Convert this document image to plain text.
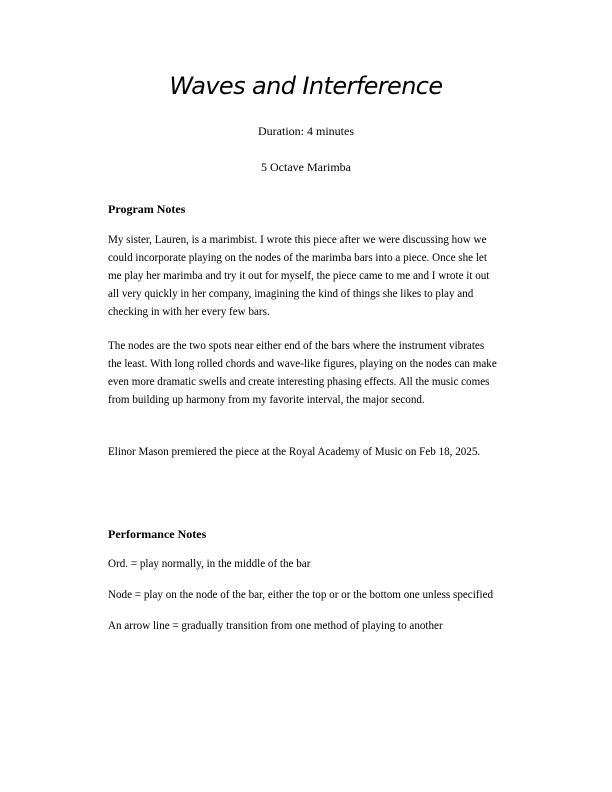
Waves and Interference

Duration: 4 minutes

5 Octave Marimba

Program Notes

My sister, Lauren, is a marimbist. I wrote this piece after we were discussing how we could incorporate playing on the nodes of the marimba bars into a piece. Once she let me play her marimba and try it out for myself, the piece came to me and I wrote it out all very quickly in her company, imagining the kind of things she likes to play and checking in with her every few bars.

The nodes are the two spots near either end of the bars where the instrument vibrates the least. With long rolled chords and wave-like figures, playing on the nodes can make even more dramatic swells and create interesting phasing effects. All the music comes from building up harmony from my favorite interval, the major second.

Elinor Mason premiered the piece at the Royal Academy of Music on Feb 18, 2025.

Performance Notes

Ord. = play normally, in the middle of the bar

Node = play on the node of the bar, either the top or or the bottom one unless specified

An arrow line = gradually transition from one method of playing to another
